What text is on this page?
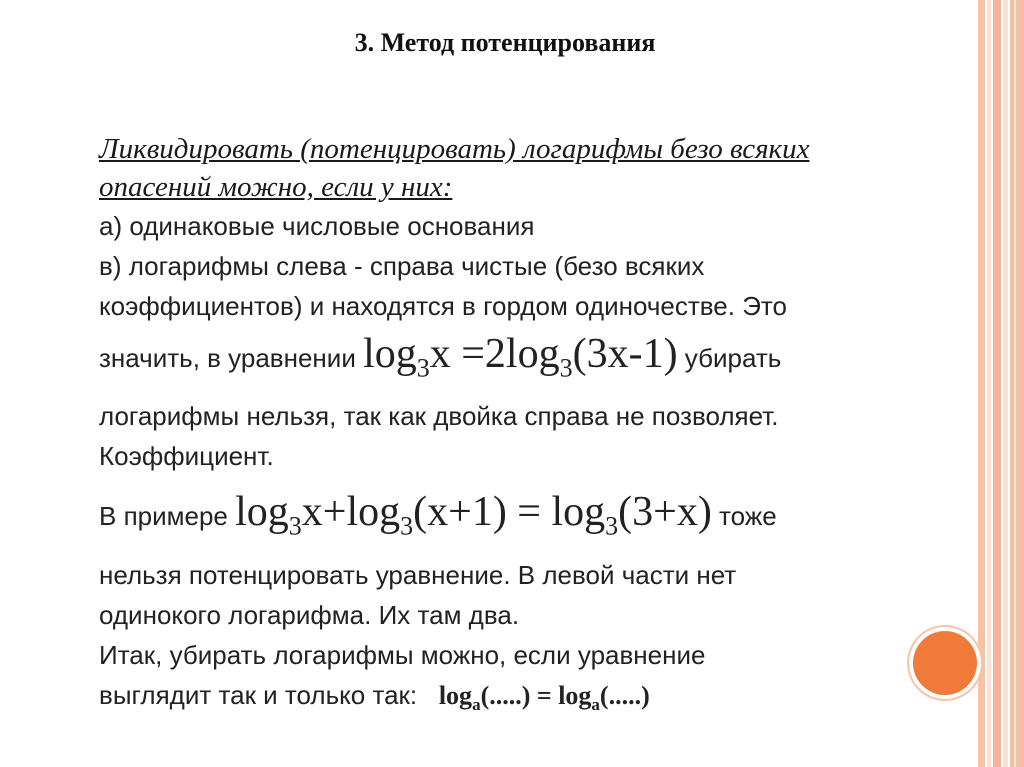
3. Метод потенцирования

Ликвидировать (потенцировать) логарифмы безо всяких
опасений можно, если у них:

а) одинаковые числовые основания

в) логарифмы слева - справа чистые (безо всяких

коэффициентов) и находятся в гордом одиночестве. Это

значить, в уравнении $\log_3x =2\log_3(3x-1)$ убирать

логарифмы нельзя, так как двойка справа не позволяет.

Коэффициент.

В примере $\log_3x+\log_3(x+1) = \log_3(3+x)$ тоже

нельзя потенцировать уравнение. В левой части нет

одинокого логарифма. Их там два.

Итак, убирать логарифмы можно, если уравнение

выглядит так и только так:   $\log_a(.....) = \log_a(.....)$
